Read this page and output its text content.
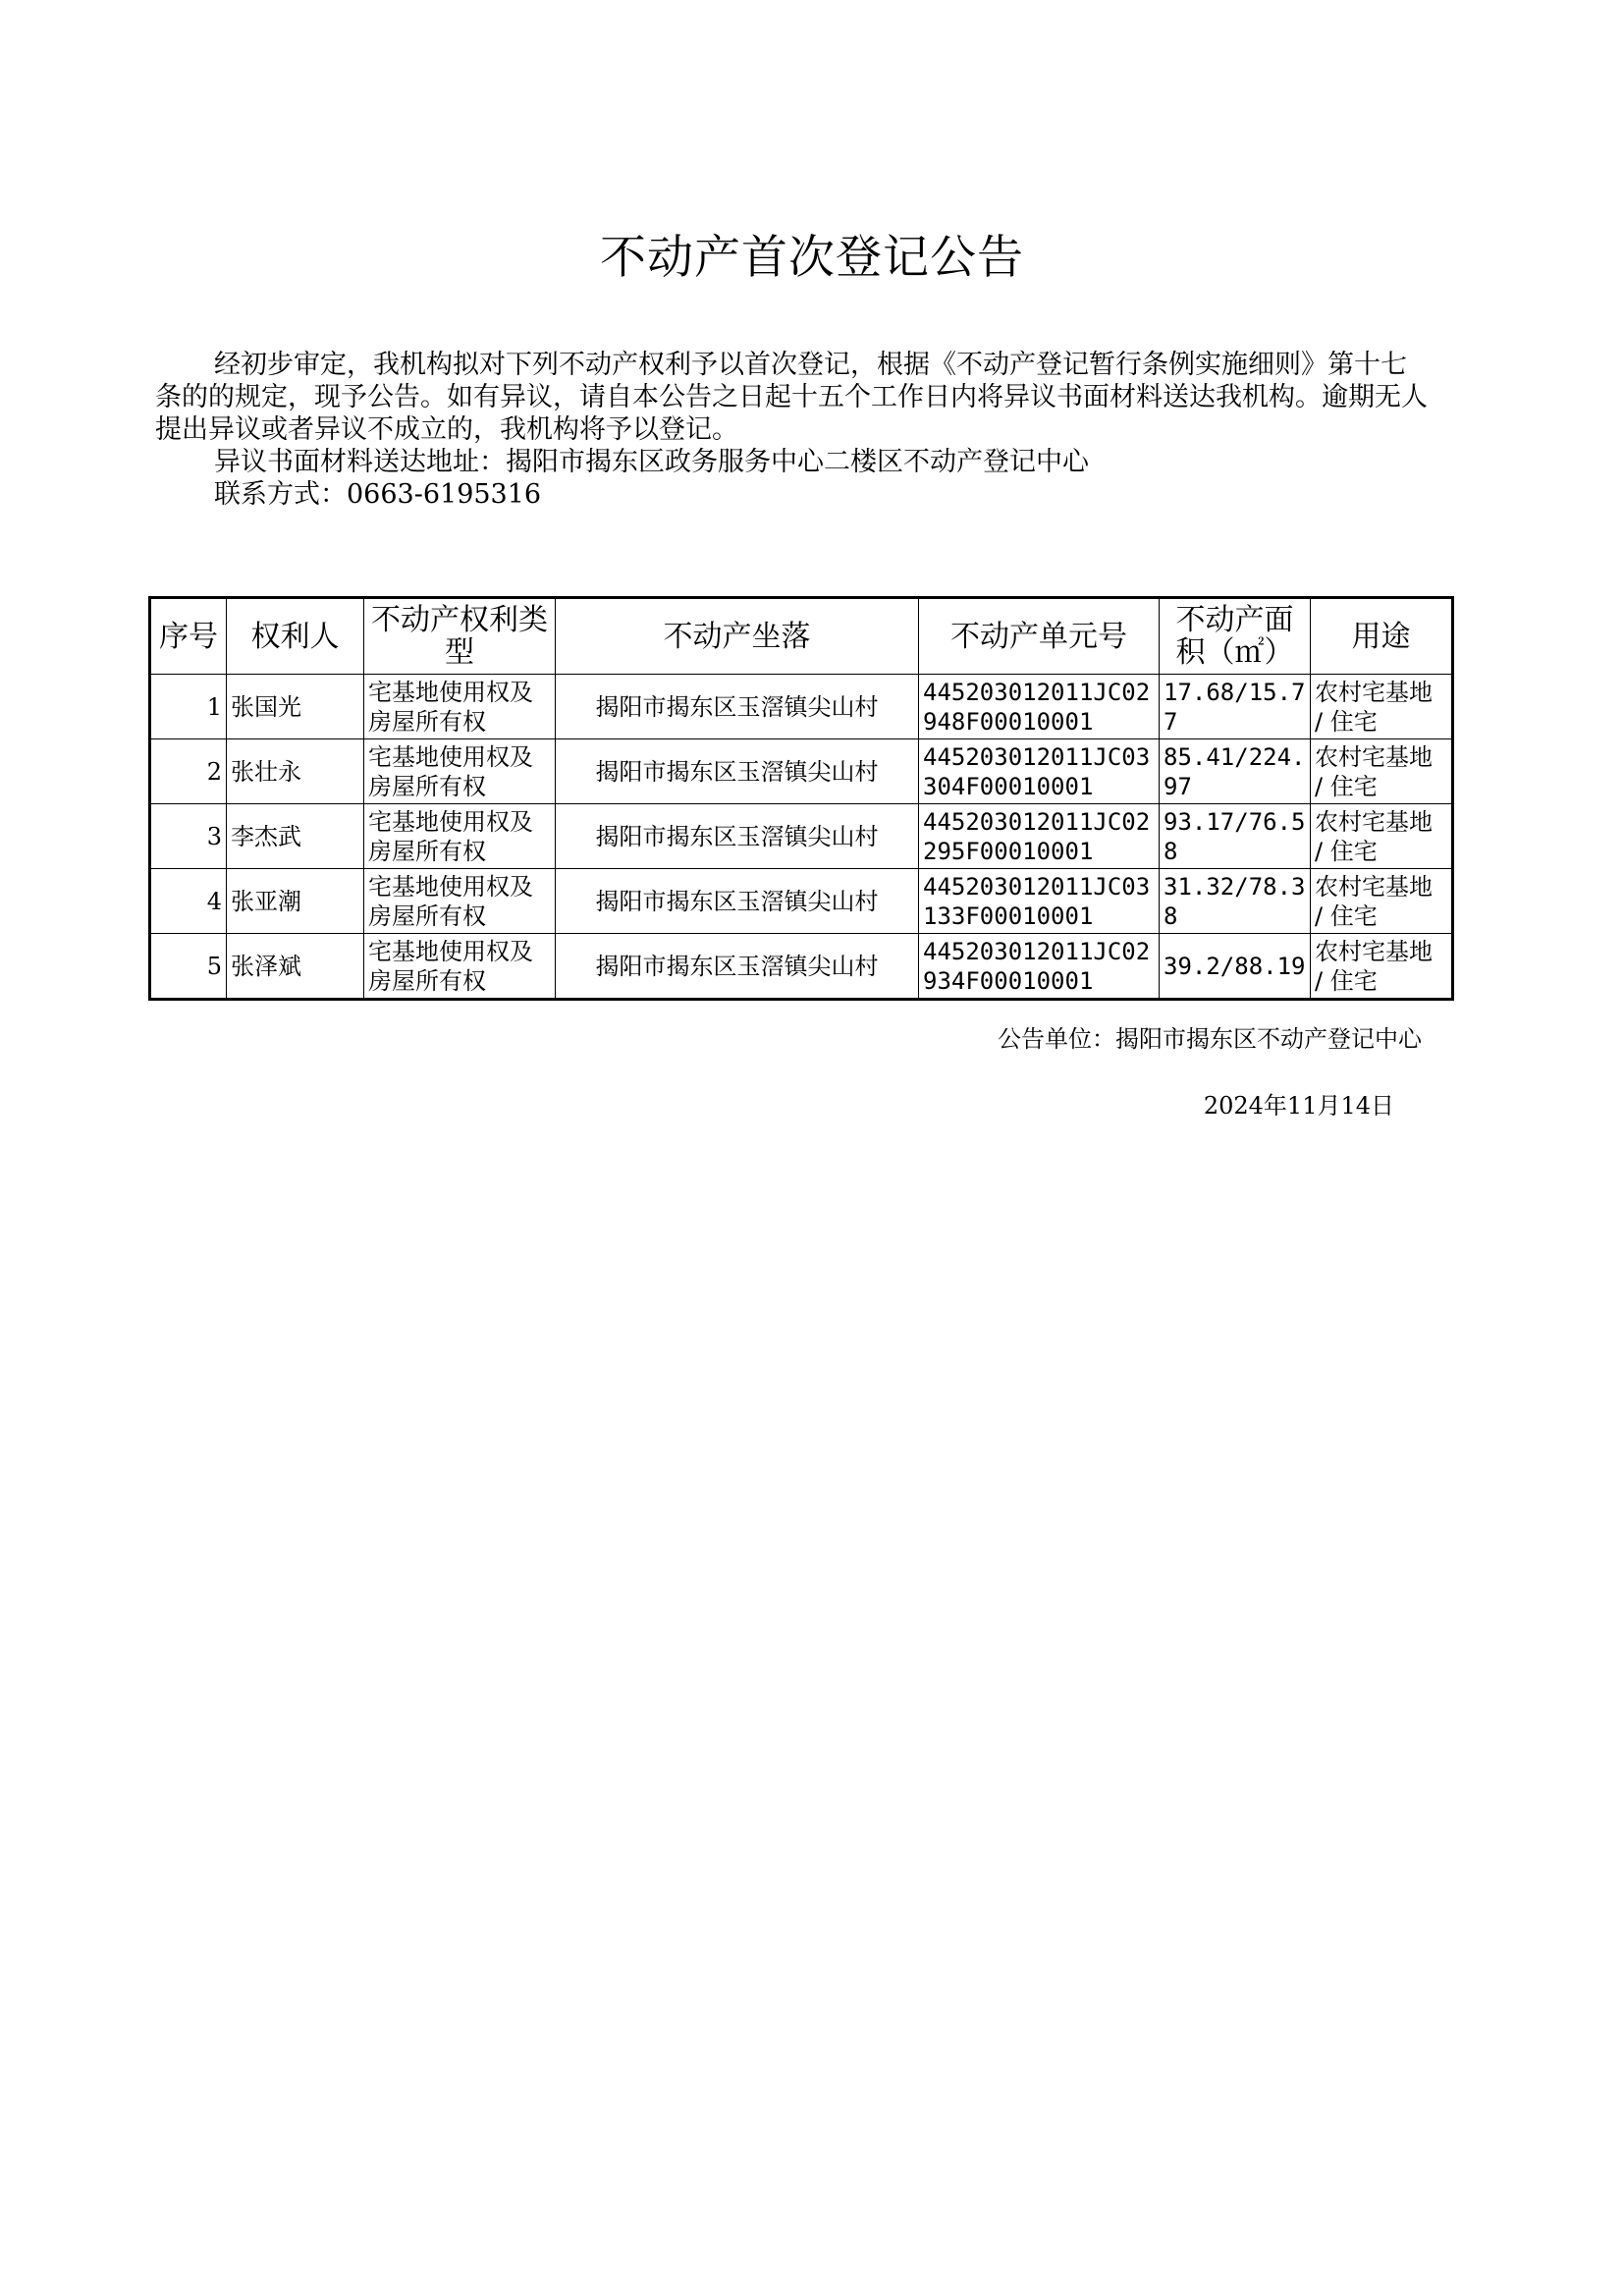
不动产首次登记公告

经初步审定，我机构拟对下列不动产权利予以首次登记，根据《不动产登记暂行条例实施细则》第十七条的的规定，现予公告。如有异议，请自本公告之日起十五个工作日内将异议书面材料送达我机构。逾期无人提出异议或者异议不成立的，我机构将予以登记。

异议书面材料送达地址：揭阳市揭东区政务服务中心二楼区不动产登记中心
联系方式：0663-6195316
序号	权利人	不动产权利类型	不动产坐落	不动产单元号	不动产面积（㎡）	用途
1	张国光	宅基地使用权及房屋所有权	揭阳市揭东区玉滘镇尖山村	445203012011JC02948F00010001	17.68/15.77	农村宅基地 / 住宅
2	张壮永	宅基地使用权及房屋所有权	揭阳市揭东区玉滘镇尖山村	445203012011JC03304F00010001	85.41/224.97	农村宅基地 / 住宅
3	李杰武	宅基地使用权及房屋所有权	揭阳市揭东区玉滘镇尖山村	445203012011JC02295F00010001	93.17/76.58	农村宅基地 / 住宅
4	张亚潮	宅基地使用权及房屋所有权	揭阳市揭东区玉滘镇尖山村	445203012011JC03133F00010001	31.32/78.38	农村宅基地 / 住宅
5	张泽斌	宅基地使用权及房屋所有权	揭阳市揭东区玉滘镇尖山村	445203012011JC02934F00010001	39.2/88.19	农村宅基地 / 住宅
公告单位：揭阳市揭东区不动产登记中心
2024年11月14日
